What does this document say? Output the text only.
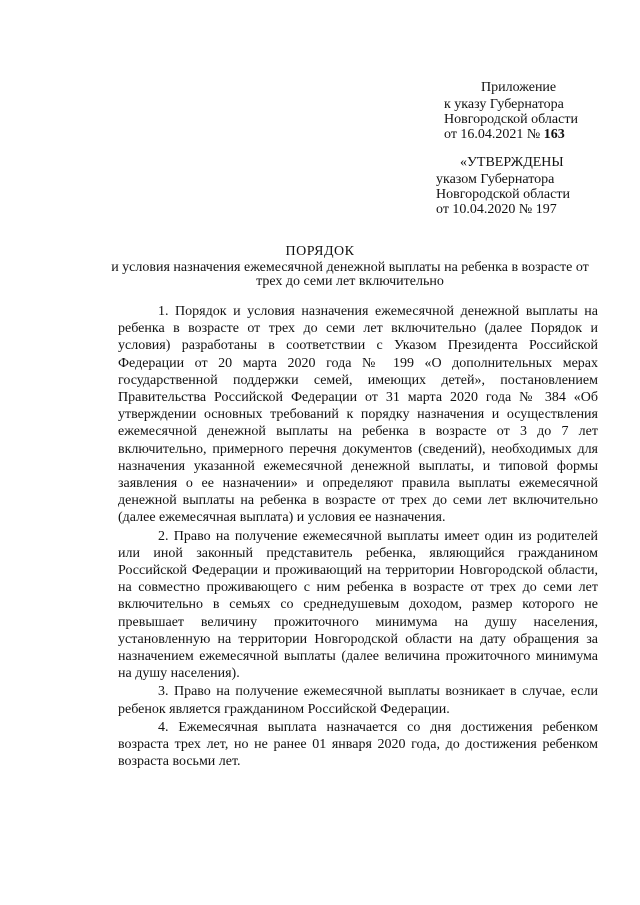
Приложение
к указу Губернатора
Новгородской области
от 16.04.2021 № 163
«УТВЕРЖДЕНЫ
указом Губернатора
Новгородской области
от 10.04.2020 № 197
ПОРЯДОК
и условия назначения ежемесячной денежной выплаты на ребенка в возрасте от трех до семи лет включительно

1. Порядок и условия назначения ежемесячной денежной выплаты на ребенка в возрасте от трех до семи лет включительно (далее Порядок и условия) разработаны в соответствии с Указом Президента Российской Федерации от 20 марта 2020 года № 199 «О дополнительных мерах государственной поддержки семей, имеющих детей», постановлением Правительства Российской Федерации от 31 марта 2020 года № 384 «Об утверждении основных требований к порядку назначения и осуществления ежемесячной денежной выплаты на ребенка в возрасте от 3 до 7 лет включительно, примерного перечня документов (сведений), необходимых для назначения указанной ежемесячной денежной выплаты, и типовой формы заявления о ее назначении» и определяют правила выплаты ежемесячной денежной выплаты на ребенка в возрасте от трех до семи лет включительно (далее ежемесячная выплата) и условия ее назначения.

2. Право на получение ежемесячной выплаты имеет один из родителей или иной законный представитель ребенка, являющийся гражданином Российской Федерации и проживающий на территории Новгородской области, на совместно проживающего с ним ребенка в возрасте от трех до семи лет включительно в семьях со среднедушевым доходом, размер которого не превышает величину прожиточного минимума на душу населения, установленную на территории Новгородской области на дату обращения за назначением ежемесячной выплаты (далее величина прожиточного минимума на душу населения).

3. Право на получение ежемесячной выплаты возникает в случае, если ребенок является гражданином Российской Федерации.

4. Ежемесячная выплата назначается со дня достижения ребенком возраста трех лет, но не ранее 01 января 2020 года, до достижения ребенком возраста восьми лет.
